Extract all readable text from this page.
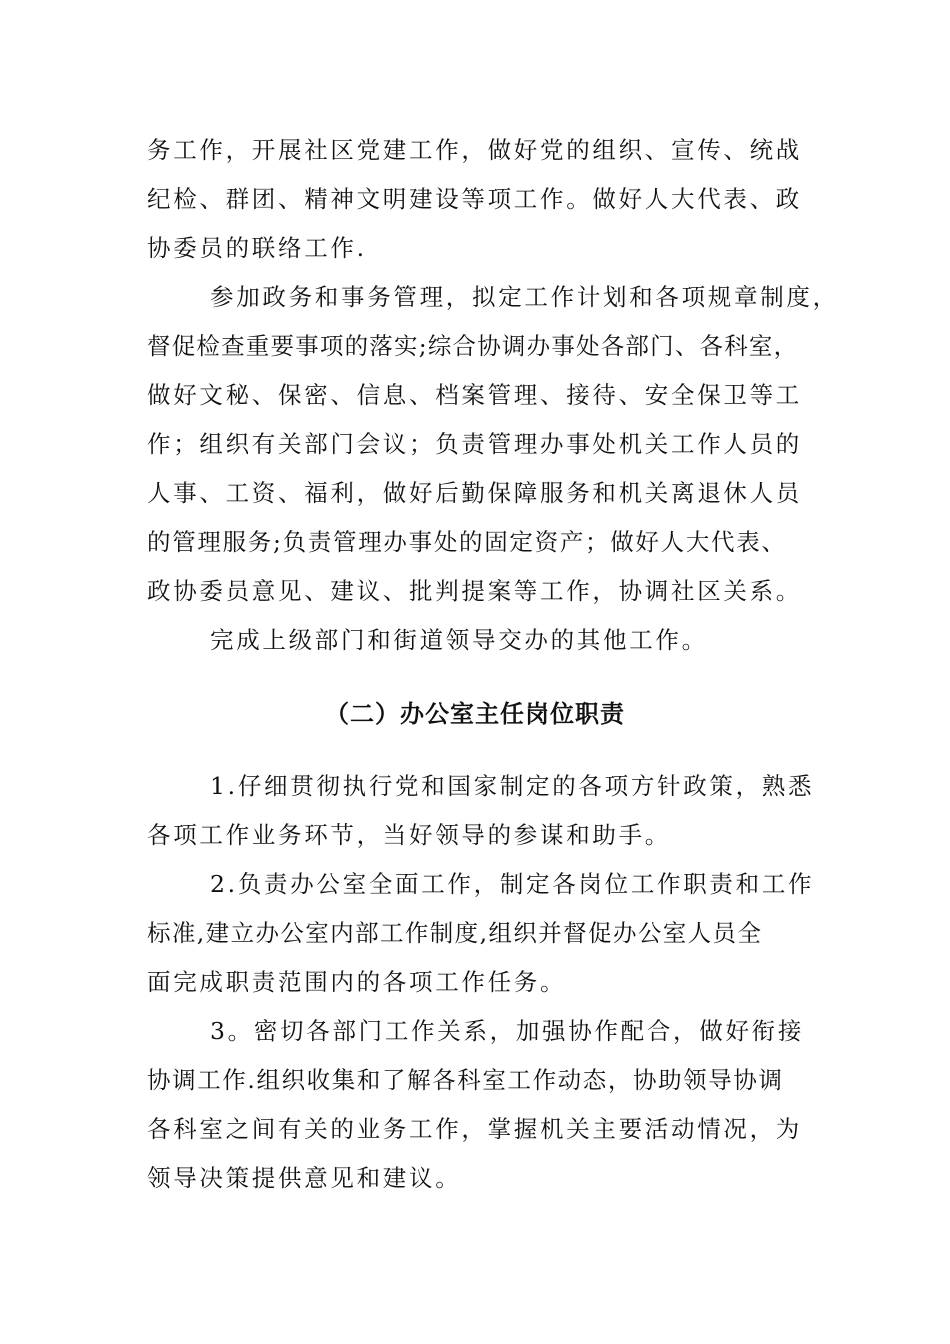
务工作，开展社区党建工作，做好党的组织、宣传、统战
纪检、群团、精神文明建设等项工作。做好人大代表、政
协委员的联络工作.
参加政务和事务管理，拟定工作计划和各项规章制度，
督促检查重要事项的落实;综合协调办事处各部门、各科室，
做好文秘、保密、信息、档案管理、接待、安全保卫等工
作；组织有关部门会议；负责管理办事处机关工作人员的
人事、工资、福利，做好后勤保障服务和机关离退休人员
的管理服务;负责管理办事处的固定资产；做好人大代表、
政协委员意见、建议、批判提案等工作，协调社区关系。
完成上级部门和街道领导交办的其他工作。
（二）办公室主任岗位职责
1.仔细贯彻执行党和国家制定的各项方针政策，熟悉
各项工作业务环节，当好领导的参谋和助手。
2.负责办公室全面工作，制定各岗位工作职责和工作
标准,建立办公室内部工作制度,组织并督促办公室人员全
面完成职责范围内的各项工作任务。
3。密切各部门工作关系，加强协作配合，做好衔接
协调工作.组织收集和了解各科室工作动态，协助领导协调
各科室之间有关的业务工作，掌握机关主要活动情况，为
领导决策提供意见和建议。
